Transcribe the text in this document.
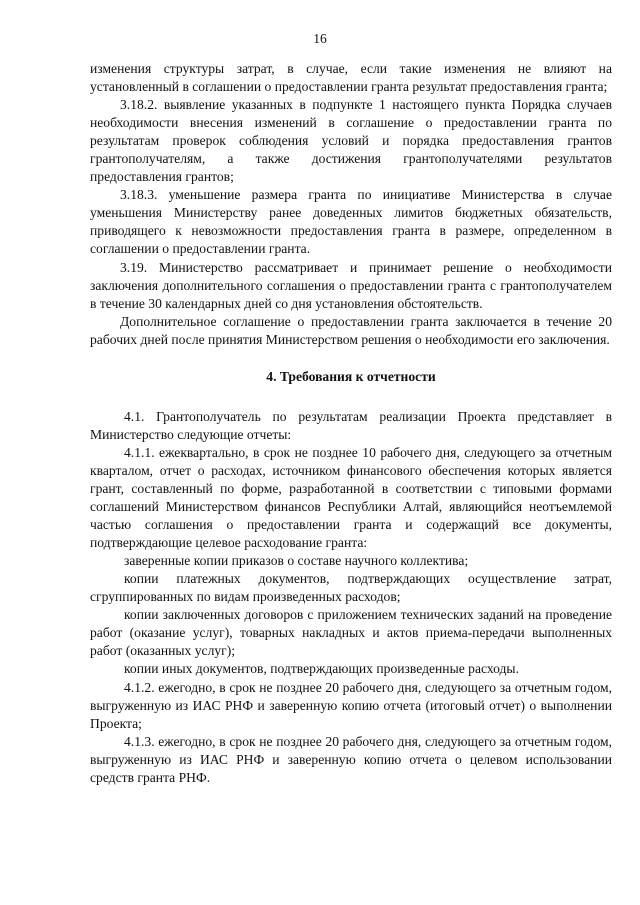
16

изменения структуры затрат, в случае, если такие изменения не влияют на установленный в соглашении о предоставлении гранта результат предоставления гранта;

3.18.2. выявление указанных в подпункте 1 настоящего пункта Порядка случаев необходимости внесения изменений в соглашение о предоставлении гранта по результатам проверок соблюдения условий и порядка предоставления грантов грантополучателям, а также достижения грантополучателями результатов предоставления грантов;

3.18.3. уменьшение размера гранта по инициативе Министерства в случае уменьшения Министерству ранее доведенных лимитов бюджетных обязательств, приводящего к невозможности предоставления гранта в размере, определенном в соглашении о предоставлении гранта.

3.19. Министерство рассматривает и принимает решение о необходимости заключения дополнительного соглашения о предоставлении гранта с грантополучателем в течение 30 календарных дней со дня установления обстоятельств.

Дополнительное соглашение о предоставлении гранта заключается в течение 20 рабочих дней после принятия Министерством решения о необходимости его заключения.

4. Требования к отчетности

4.1. Грантополучатель по результатам реализации Проекта представляет в Министерство следующие отчеты:

4.1.1. ежеквартально, в срок не позднее 10 рабочего дня, следующего за отчетным кварталом, отчет о расходах, источником финансового обеспечения которых является грант, составленный по форме, разработанной в соответствии с типовыми формами соглашений Министерством финансов Республики Алтай, являющийся неотъемлемой частью соглашения о предоставлении гранта и содержащий все документы, подтверждающие целевое расходование гранта:

заверенные копии приказов о составе научного коллектива;

копии платежных документов, подтверждающих осуществление затрат, сгруппированных по видам произведенных расходов;

копии заключенных договоров с приложением технических заданий на проведение работ (оказание услуг), товарных накладных и актов приема-передачи выполненных работ (оказанных услуг);

копии иных документов, подтверждающих произведенные расходы.

4.1.2. ежегодно, в срок не позднее 20 рабочего дня, следующего за отчетным годом, выгруженную из ИАС РНФ и заверенную копию отчета (итоговый отчет) о выполнении Проекта;

4.1.3. ежегодно, в срок не позднее 20 рабочего дня, следующего за отчетным годом, выгруженную из ИАС РНФ и заверенную копию отчета о целевом использовании средств гранта РНФ.
